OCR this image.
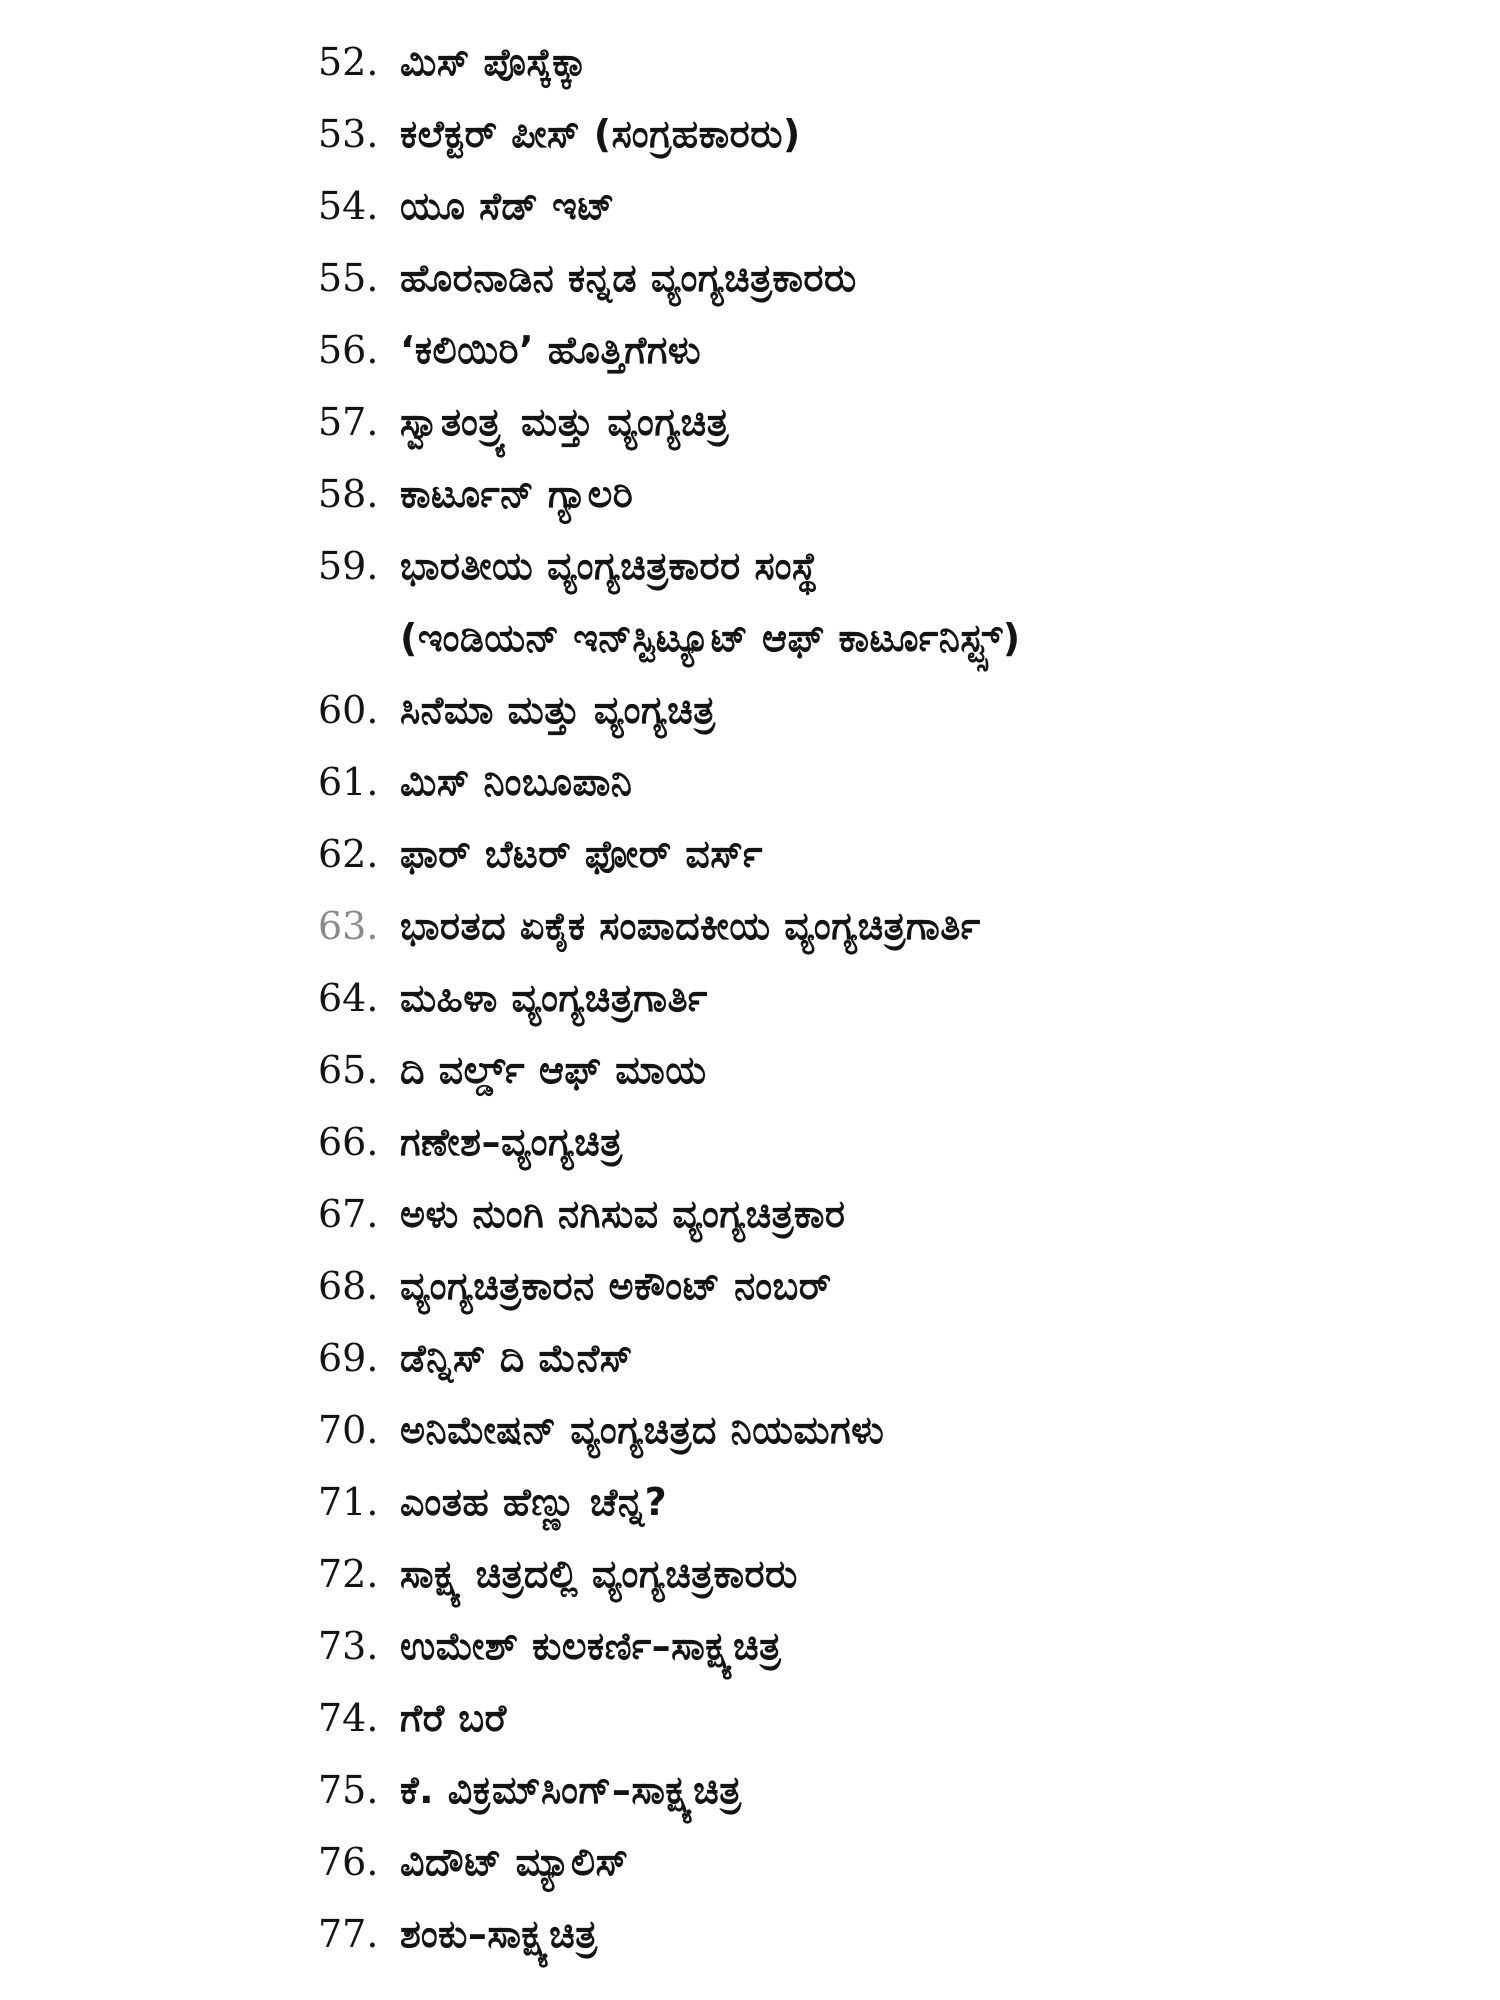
52. ಮಿಸ್ ಪೊಸ್ಕೆಕ್ಕಾ
53. ಕಲೆಕ್ಟರ್ ಪೀಸ್ (ಸಂಗ್ರಹಕಾರರು)
54. ಯೂ ಸೆಡ್ ಇಟ್
55. ಹೊರನಾಡಿನ ಕನ್ನಡ ವ್ಯಂಗ್ಯಚಿತ್ರಕಾರರು
56. ‘ಕಲಿಯಿರಿ’ ಹೊತ್ತಿಗೆಗಳು
57. ಸ್ವಾತಂತ್ರ್ಯ ಮತ್ತು ವ್ಯಂಗ್ಯಚಿತ್ರ
58. ಕಾರ್ಟೂನ್ ಗ್ಯಾಲರಿ
59. ಭಾರತೀಯ ವ್ಯಂಗ್ಯಚಿತ್ರಕಾರರ ಸಂಸ್ಥೆ
(ಇಂಡಿಯನ್ ಇನ್‌ಸ್ಟಿಟ್ಯೂಟ್ ಆಫ್ ಕಾರ್ಟೂನಿಸ್ಟ್ಸ್)
60. ಸಿನೆಮಾ ಮತ್ತು ವ್ಯಂಗ್ಯಚಿತ್ರ
61. ಮಿಸ್ ನಿಂಬೂಪಾನಿ
62. ಫಾರ್ ಬೆಟರ್ ಫೋರ್ ವರ್ಸ್
63. ಭಾರತದ ಏಕೈಕ ಸಂಪಾದಕೀಯ ವ್ಯಂಗ್ಯಚಿತ್ರಗಾರ್ತಿ
64. ಮಹಿಳಾ ವ್ಯಂಗ್ಯಚಿತ್ರಗಾರ್ತಿ
65. ದಿ ವರ್ಲ್ಡ್ ಆಫ್ ಮಾಯ
66. ಗಣೇಶ–ವ್ಯಂಗ್ಯಚಿತ್ರ
67. ಅಳು ನುಂಗಿ ನಗಿಸುವ ವ್ಯಂಗ್ಯಚಿತ್ರಕಾರ
68. ವ್ಯಂಗ್ಯಚಿತ್ರಕಾರನ ಅಕೌಂಟ್ ನಂಬರ್
69. ಡೆನ್ನಿಸ್ ದಿ ಮೆನೆಸ್
70. ಅನಿಮೇಷನ್ ವ್ಯಂಗ್ಯಚಿತ್ರದ ನಿಯಮಗಳು
71. ಎಂತಹ ಹೆಣ್ಣು ಚೆನ್ನ?
72. ಸಾಕ್ಷ್ಯ ಚಿತ್ರದಲ್ಲಿ ವ್ಯಂಗ್ಯಚಿತ್ರಕಾರರು
73. ಉಮೇಶ್ ಕುಲಕರ್ಣಿ–ಸಾಕ್ಷ್ಯಚಿತ್ರ
74. ಗೆರೆ ಬರೆ
75. ಕೆ. ವಿಕ್ರಮ್‌ಸಿಂಗ್–ಸಾಕ್ಷ್ಯಚಿತ್ರ
76. ವಿದೌಟ್ ಮ್ಯಾಲಿಸ್
77. ಶಂಕು–ಸಾಕ್ಷ್ಯಚಿತ್ರ
